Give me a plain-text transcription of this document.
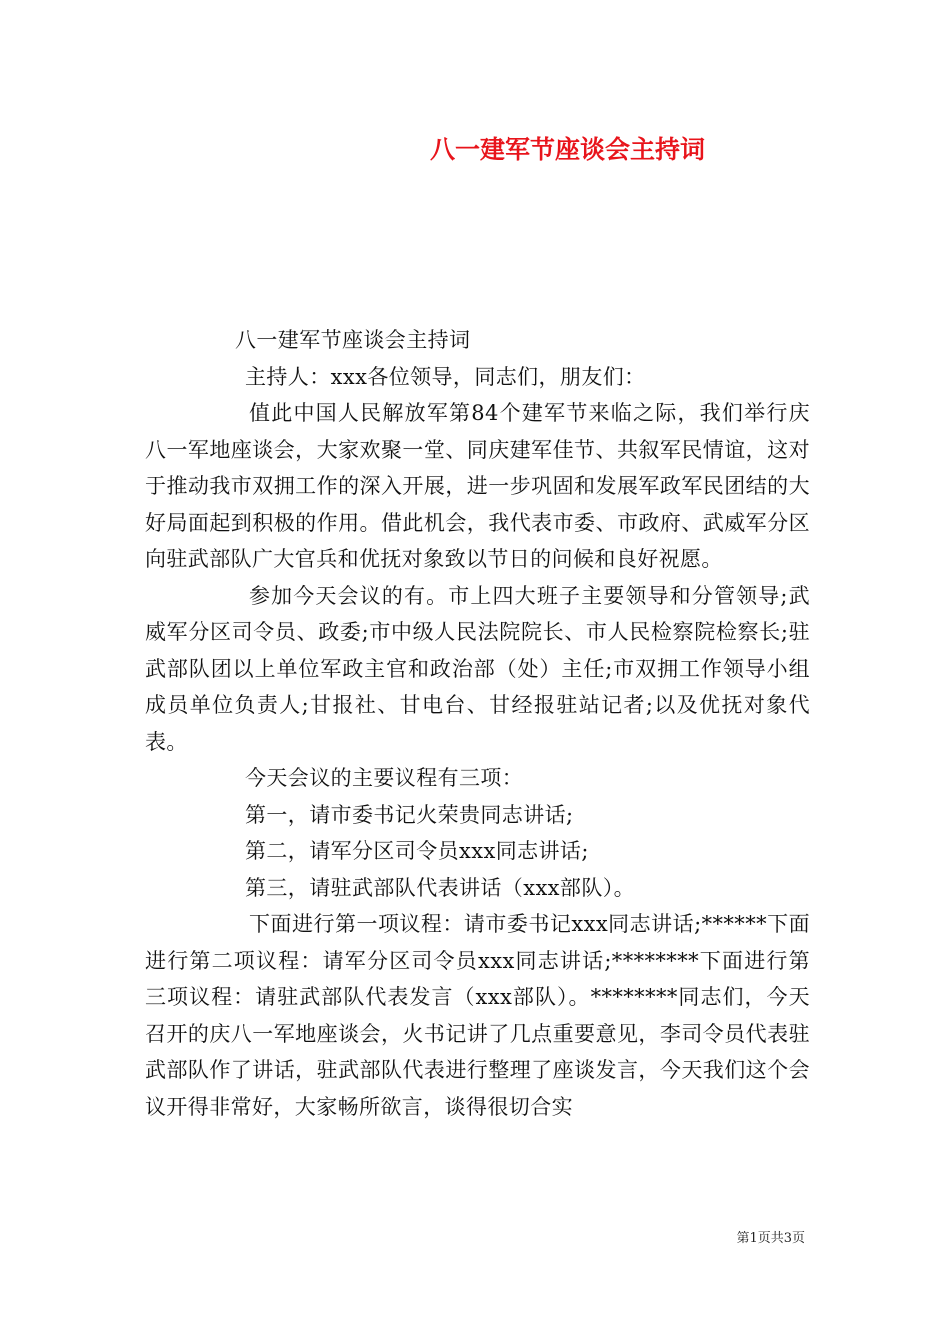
八一建军节座谈会主持词

八一建军节座谈会主持词

主持人：xxx各位领导，同志们，朋友们：

值此中国人民解放军第84个建军节来临之际，我们举行庆八一军地座谈会，大家欢聚一堂、同庆建军佳节、共叙军民情谊，这对于推动我市双拥工作的深入开展，进一步巩固和发展军政军民团结的大好局面起到积极的作用。借此机会，我代表市委、市政府、武威军分区向驻武部队广大官兵和优抚对象致以节日的问候和良好祝愿。

参加今天会议的有。市上四大班子主要领导和分管领导;武威军分区司令员、政委;市中级人民法院院长、市人民检察院检察长;驻武部队团以上单位军政主官和政治部（处）主任;市双拥工作领导小组成员单位负责人;甘报社、甘电台、甘经报驻站记者;以及优抚对象代表。

今天会议的主要议程有三项：

第一，请市委书记火荣贵同志讲话;

第二，请军分区司令员xxx同志讲话;

第三，请驻武部队代表讲话（xxx部队）。

下面进行第一项议程：请市委书记xxx同志讲话;******下面进行第二项议程：请军分区司令员xxx同志讲话;********下面进行第三项议程：请驻武部队代表发言（xxx部队）。********同志们，今天召开的庆八一军地座谈会，火书记讲了几点重要意见，李司令员代表驻武部队作了讲话，驻武部队代表进行整理了座谈发言，今天我们这个会议开得非常好，大家畅所欲言，谈得很切合实

第1页共3页
